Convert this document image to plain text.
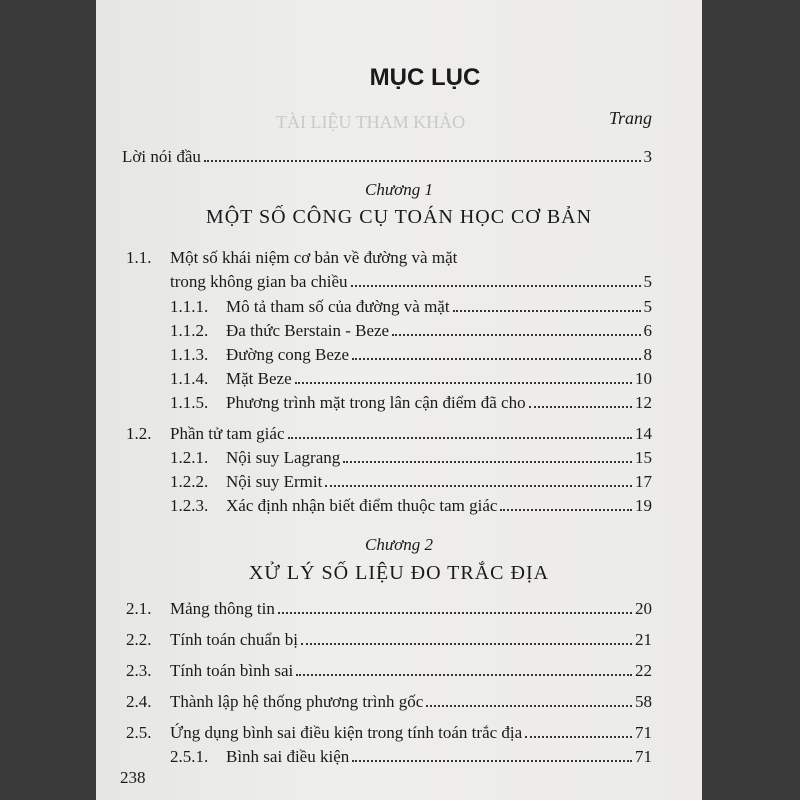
TÀI LIỆU THAM KHẢO
MỤC LỤC
Trang
Lời nói đầu	3
Chương 1
MỘT SỐ CÔNG CỤ TOÁN HỌC CƠ BẢN
1.1.	Một số khái niệm cơ bản về đường và mặt
trong không gian ba chiều	5
1.1.1.	Mô tả tham số của đường và mặt	5
1.1.2.	Đa thức Berstain - Beze	6
1.1.3.	Đường cong Beze	8
1.1.4.	Mặt Beze	10
1.1.5.	Phương trình mặt trong lân cận điểm đã cho	12
1.2.	Phần tử tam giác	14
1.2.1.	Nội suy Lagrang	15
1.2.2.	Nội suy Ermit	17
1.2.3.	Xác định nhận biết điểm thuộc tam giác	19
Chương 2
XỬ LÝ SỐ LIỆU ĐO TRẮC ĐỊA
2.1.	Mảng thông tin	20
2.2.	Tính toán chuẩn bị	21
2.3.	Tính toán bình sai	22
2.4.	Thành lập hệ thống phương trình gốc	58
2.5.	Ứng dụng bình sai điều kiện trong tính toán trắc địa	71
2.5.1.	Bình sai điều kiện	71
238
